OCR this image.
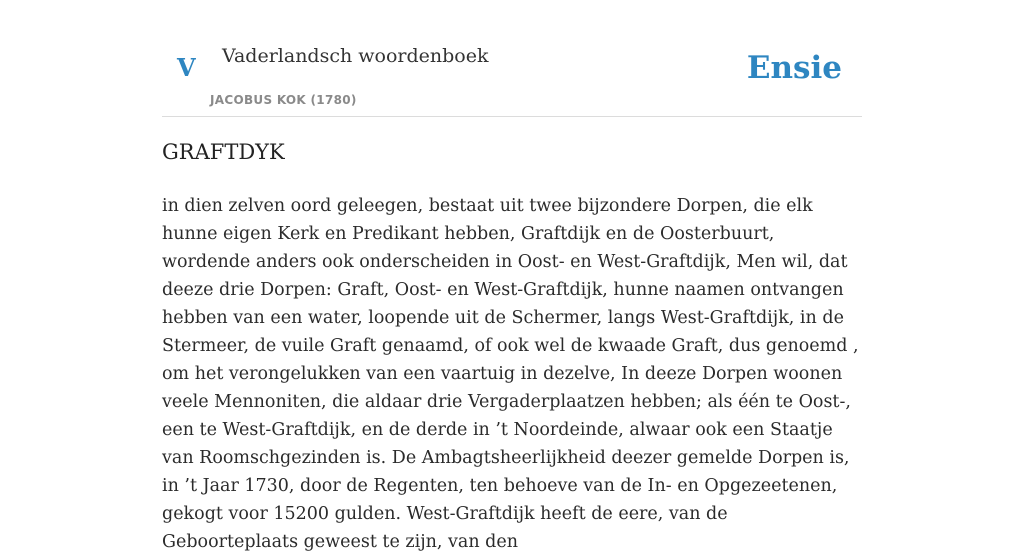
V Vaderlandsch woordenboek
JACOBUS KOK (1780)
Ensie
GRAFTDYK

in dien zelven oord geleegen, bestaat uit twee bijzondere Dorpen, die elk hunne eigen Kerk en Predikant hebben, Graftdijk en de Oosterbuurt, wordende anders ook onderscheiden in Oost- en West-Graftdijk, Men wil, dat deeze drie Dorpen: Graft, Oost- en West-Graftdijk, hunne naamen ontvangen hebben van een water, loopende uit de Schermer, langs West-Graftdijk, in de Stermeer, de vuile Graft genaamd, of ook wel de kwaade Graft, dus genoemd , om het verongelukken van een vaartuig in dezelve, In deeze Dorpen woonen veele Mennoniten, die aldaar drie Vergaderplaatzen hebben; als één te Oost-, een te West-Graftdijk, en de derde in ’t Noordeinde, alwaar ook een Staatje van Roomschgezinden is. De Ambagtsheerlijkheid deezer gemelde Dorpen is, in ’t Jaar 1730, door de Regenten, ten behoeve van de In- en Opgezeetenen, gekogt voor 15200 gulden. West-Graftdijk heeft de eere, van de Geboorteplaats geweest te zijn, van den
